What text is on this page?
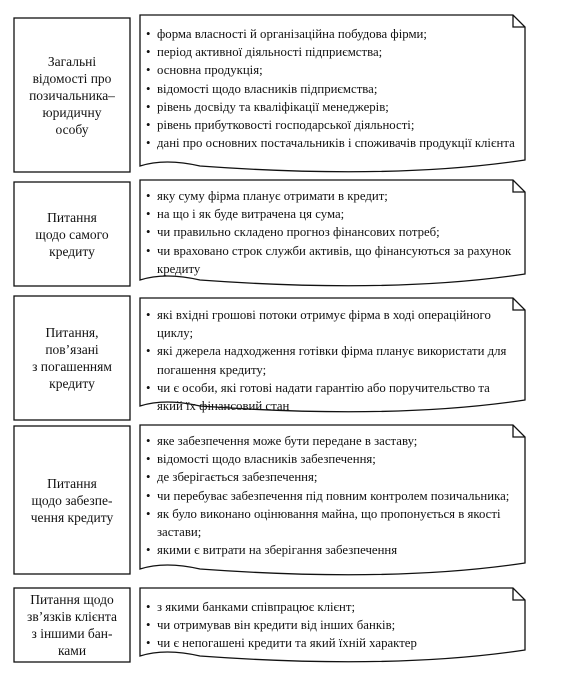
Загальні
відомості про
позичальника–
юридичну
особу
• форма власності й організаційна побудова фірми;
• період активної діяльності підприємства;
• основна продукція;
• відомості щодо власників підприємства;
• рівень досвіду та кваліфікації менеджерів;
• рівень прибутковості господарської діяльності;
• дані про основних постачальників і споживачів продукції клієнта
Питання
щодо самого
кредиту
• яку суму фірма планує отримати в кредит;
• на що і як буде витрачена ця сума;
• чи правильно складено прогноз фінансових потреб;
• чи враховано строк служби активів, що фінансуються за рахунок кредиту
Питання,
пов’язані
з погашенням
кредиту
• які вхідні грошові потоки отримує фірма в ході операційного циклу;
• які джерела надходження готівки фірма планує використати для погашення кредиту;
• чи є особи, які готові надати гарантію або поручительство та який їх фінансовий стан
Питання
щодо забезпе-
чення кредиту
• яке забезпечення може бути передане в заставу;
• відомості щодо власників забезпечення;
• де зберігається забезпечення;
• чи перебуває забезпечення під повним контролем позичальника;
• як було виконано оцінювання майна, що пропонується в якості застави;
• якими є витрати на зберігання забезпечення
Питання щодо
зв’язків клієнта
з іншими бан-
ками
• з якими банками співпрацює клієнт;
• чи отримував він кредити від інших банків;
• чи є непогашені кредити та який їхній характер
